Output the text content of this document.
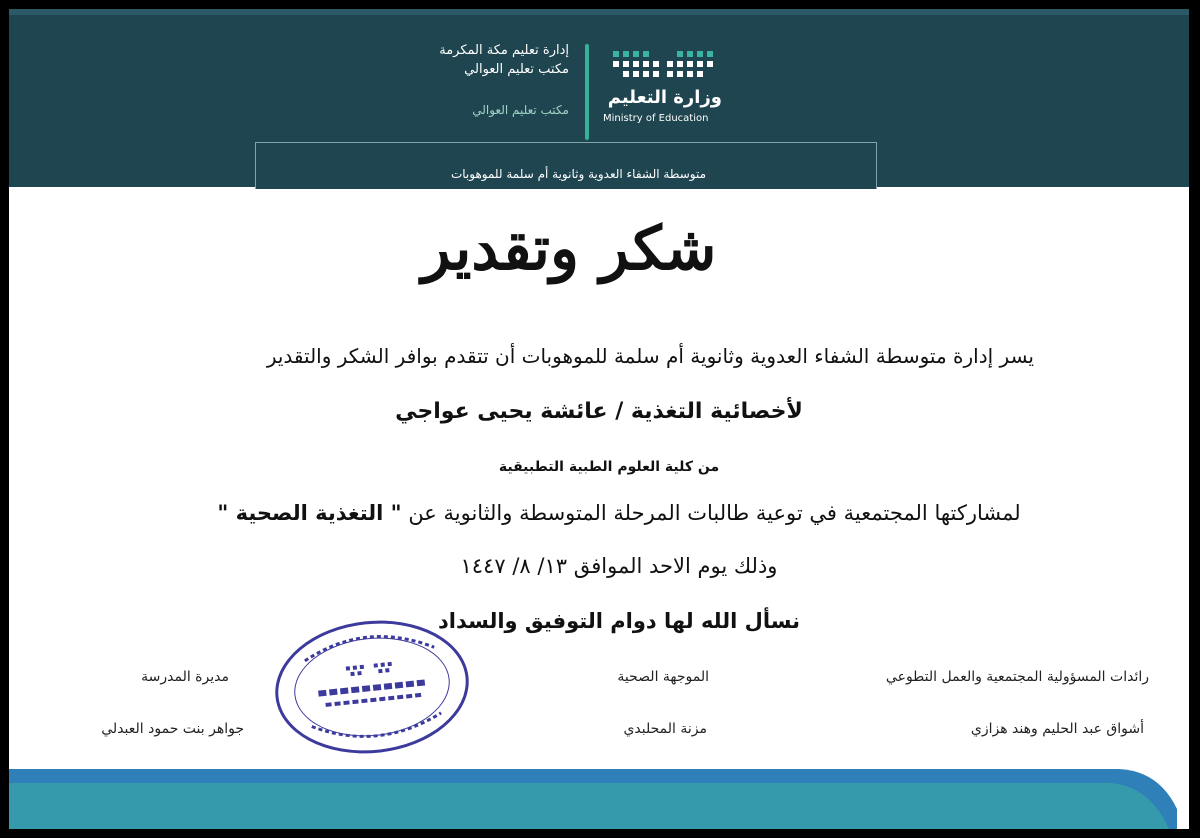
إدارة تعليم مكة المكرمة
مكتب تعليم العوالي
مكتب تعليم العوالي
وزارة التعليم
Ministry of Education
متوسطة الشفاء العدوية وثانوية أم سلمة للموهوبات
شكر وتقدير
يسر إدارة متوسطة الشفاء العدوية وثانوية أم سلمة للموهوبات أن تتقدم بوافر الشكر والتقدير
لأخصائية التغذية / عائشة يحيى عواجي
من كلية العلوم الطبية التطبيقية
لمشاركتها المجتمعية في توعية طالبات المرحلة المتوسطة والثانوية عن " التغذية الصحية "
وذلك يوم الاحد الموافق ١٣/ ٨/ ١٤٤٧
نسأل الله لها دوام التوفيق والسداد
رائدات المسؤولية المجتمعية والعمل التطوعي
الموجهة الصحية
مديرة المدرسة
أشواق عبد الحليم وهند هزازي
مزنة المحلبدي
جواهر بنت حمود العبدلي
